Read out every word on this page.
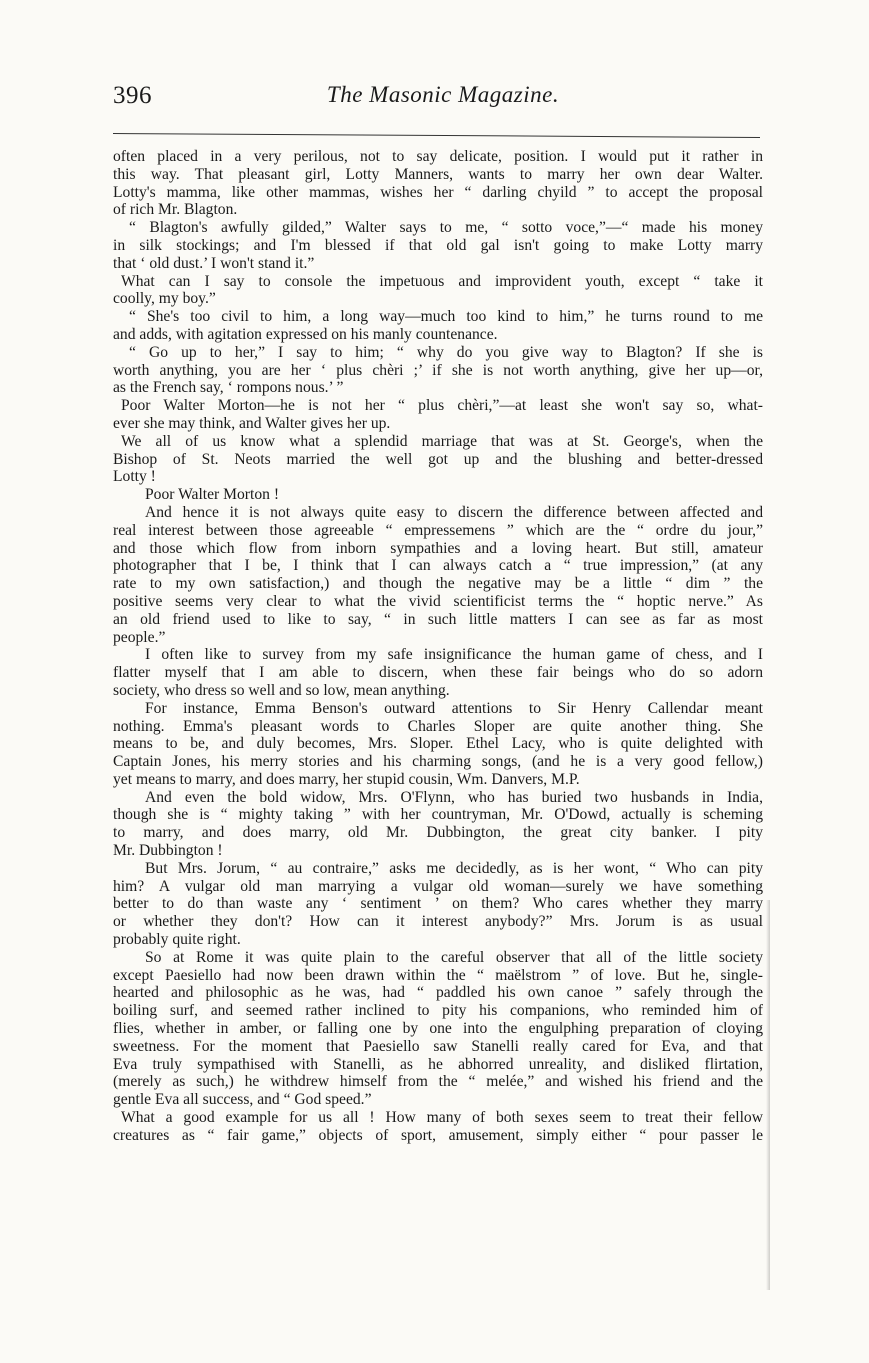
396	The Masonic Magazine.
often placed in a very perilous, not to say delicate, position. I would put it rather in
this way. That pleasant girl, Lotty Manners, wants to marry her own dear Walter.
Lotty's mamma, like other mammas, wishes her “ darling chyild ” to accept the proposal
of rich Mr. Blagton.
“ Blagton's awfully gilded,” Walter says to me, “ sotto voce,”—“ made his money
in silk stockings; and I'm blessed if that old gal isn't going to make Lotty marry
that ‘ old dust.’ I won't stand it.”
What can I say to console the impetuous and improvident youth, except “ take it
coolly, my boy.”
“ She's too civil to him, a long way—much too kind to him,” he turns round to me
and adds, with agitation expressed on his manly countenance.
“ Go up to her,” I say to him; “ why do you give way to Blagton? If she is
worth anything, you are her ‘ plus chèri ;’ if she is not worth anything, give her up—or,
as the French say, ‘ rompons nous.’ ”
Poor Walter Morton—he is not her “ plus chèri,”—at least she won't say so, what-
ever she may think, and Walter gives her up.
We all of us know what a splendid marriage that was at St. George's, when the
Bishop of St. Neots married the well got up and the blushing and better-dressed
Lotty !
Poor Walter Morton !
And hence it is not always quite easy to discern the difference between affected and
real interest between those agreeable “ empressemens ” which are the “ ordre du jour,”
and those which flow from inborn sympathies and a loving heart. But still, amateur
photographer that I be, I think that I can always catch a “ true impression,” (at any
rate to my own satisfaction,) and though the negative may be a little “ dim ” the
positive seems very clear to what the vivid scientificist terms the “ hoptic nerve.” As
an old friend used to like to say, “ in such little matters I can see as far as most
people.”
I often like to survey from my safe insignificance the human game of chess, and I
flatter myself that I am able to discern, when these fair beings who do so adorn
society, who dress so well and so low, mean anything.
For instance, Emma Benson's outward attentions to Sir Henry Callendar meant
nothing. Emma's pleasant words to Charles Sloper are quite another thing. She
means to be, and duly becomes, Mrs. Sloper. Ethel Lacy, who is quite delighted with
Captain Jones, his merry stories and his charming songs, (and he is a very good fellow,)
yet means to marry, and does marry, her stupid cousin, Wm. Danvers, M.P.
And even the bold widow, Mrs. O'Flynn, who has buried two husbands in India,
though she is “ mighty taking ” with her countryman, Mr. O'Dowd, actually is scheming
to marry, and does marry, old Mr. Dubbington, the great city banker. I pity
Mr. Dubbington !
But Mrs. Jorum, “ au contraire,” asks me decidedly, as is her wont, “ Who can pity
him? A vulgar old man marrying a vulgar old woman—surely we have something
better to do than waste any ‘ sentiment ’ on them? Who cares whether they marry
or whether they don't? How can it interest anybody?” Mrs. Jorum is as usual
probably quite right.
So at Rome it was quite plain to the careful observer that all of the little society
except Paesiello had now been drawn within the “ maëlstrom ” of love. But he, single-
hearted and philosophic as he was, had “ paddled his own canoe ” safely through the
boiling surf, and seemed rather inclined to pity his companions, who reminded him of
flies, whether in amber, or falling one by one into the engulphing preparation of cloying
sweetness. For the moment that Paesiello saw Stanelli really cared for Eva, and that
Eva truly sympathised with Stanelli, as he abhorred unreality, and disliked flirtation,
(merely as such,) he withdrew himself from the “ melée,” and wished his friend and the
gentle Eva all success, and “ God speed.”
What a good example for us all ! How many of both sexes seem to treat their fellow
creatures as “ fair game,” objects of sport, amusement, simply either “ pour passer le
